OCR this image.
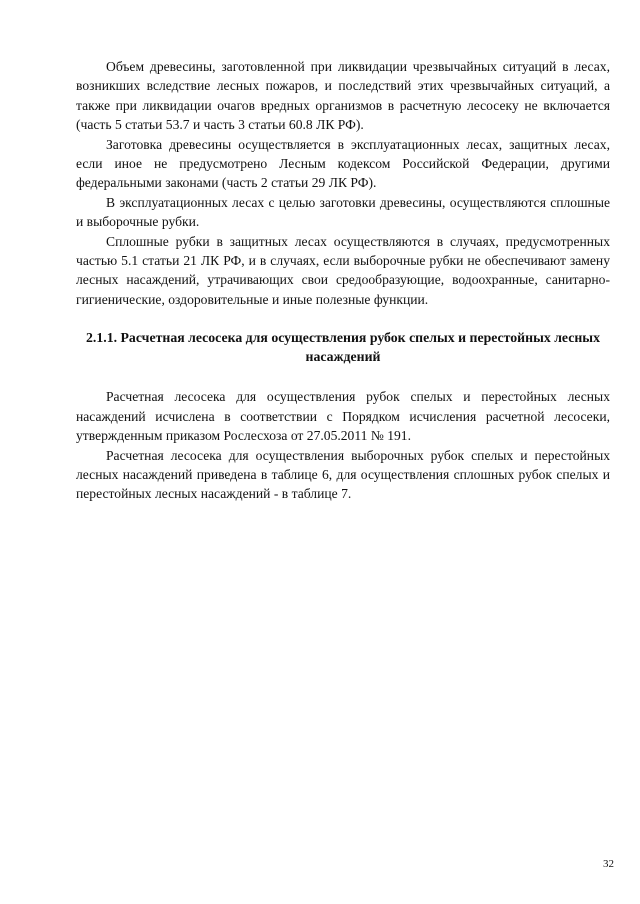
Объем древесины, заготовленной при ликвидации чрезвычайных ситуаций в лесах, возникших вследствие лесных пожаров, и последствий этих чрезвычайных ситуаций, а также при ликвидации очагов вредных организмов в расчетную лесосеку не включается (часть 5 статьи 53.7 и часть 3 статьи 60.8 ЛК РФ).

Заготовка древесины осуществляется в эксплуатационных лесах, защитных лесах, если иное не предусмотрено Лесным кодексом Российской Федерации, другими федеральными законами (часть 2 статьи 29 ЛК РФ).

В эксплуатационных лесах с целью заготовки древесины, осуществляются сплошные и выборочные рубки.

Сплошные рубки в защитных лесах осуществляются в случаях, предусмотренных частью 5.1 статьи 21 ЛК РФ, и в случаях, если выборочные рубки не обеспечивают замену лесных насаждений, утрачивающих свои средообразующие, водоохранные, санитарно-гигиенические, оздоровительные и иные полезные функции.

2.1.1. Расчетная лесосека для осуществления рубок спелых и перестойных лесных насаждений

Расчетная лесосека для осуществления рубок спелых и перестойных лесных насаждений исчислена в соответствии с Порядком исчисления расчетной лесосеки, утвержденным приказом Рослесхоза от 27.05.2011 № 191.

Расчетная лесосека для осуществления выборочных рубок спелых и перестойных лесных насаждений приведена в таблице 6, для осуществления сплошных рубок спелых и перестойных лесных насаждений - в таблице 7.

32
